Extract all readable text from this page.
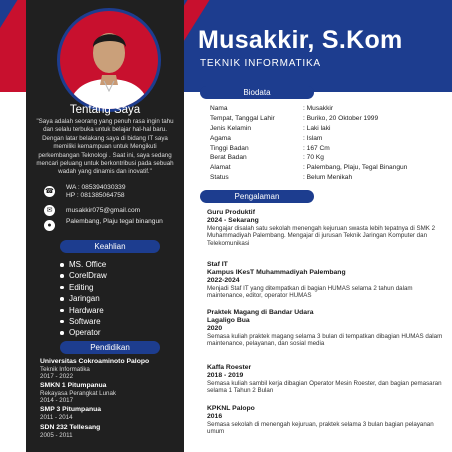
Musakkir, S.Kom
TEKNIK INFORMATIKA
Tentang Saya
"Saya adalah seorang yang penuh rasa ingin tahu dan selalu terbuka untuk belajar hal-hal baru. Dengan latar belakang saya di bidang IT saya memiliki kemampuan untuk Mengikuti perkembangan Teknologi . Saat ini, saya sedang mencari peluang untuk berkontribusi pada sebuah wadah yang dinamis dan inovatif."
☎
WA : 085394030339
HP : 081385064758
✉	musakkir075@gmail.com
●
Palembang, Plaju tegal binangun
Keahlian
MS. Office
CorelDraw
Editing
Jaringan
Hardware
Software
Operator
Pendidikan
Universitas Cokroaminoto Palopo
Teknik Informatika
2017 - 2022
SMKN 1 Pitumpanua
Rekayasa Perangkat Lunak
2014 - 2017
SMP 3 Pitumpanua
2011 - 2014
SDN 232 Tellesang
2005 - 2011
Biodata
Nama	: Musakkir
Tempat, Tanggal Lahir	: Buriko, 20 Oktober 1999
Jenis Kelamin	: Laki laki
Agama	: Islam
Tinggi Badan	: 167 Cm
Berat Badan	: 70 Kg
Alamat	: Palembang, Plaju, Tegal Binangun
Status	: Belum Menikah
Pengalaman
Guru Produktif
2024 - Sekarang
Mengajar disalah satu sekolah menengah kejuruan swasta lebih tepatnya di SMK 2 Muhammadiyah Palembang. Mengajar di jurusan Teknik Jaringan Komputer dan Telekomunikasi
Staf IT
Kampus IKesT Muhammadiyah Palembang
2022-2024
Menjadi Staf IT yang ditempatkan di bagian HUMAS selama 2 tahun dalam maintenance, editor, operator HUMAS
Praktek Magang di Bandar Udara
Lagaligo Bua
2020
Semasa kuliah praktek magang selama 3 bulan di tempatkan dibagian HUMAS dalam maintenance, pelayanan, dan sosial media
Kaffa Roester
2018 - 2019
Semasa kuliah sambil kerja dibagian Operator Mesin Roester, dan bagian pemasaran selama 1 Tahun 2 Bulan
KPKNL Palopo
2016
Semasa sekolah di menengah kejuruan, praktek selama 3 bulan bagian pelayanan umum
